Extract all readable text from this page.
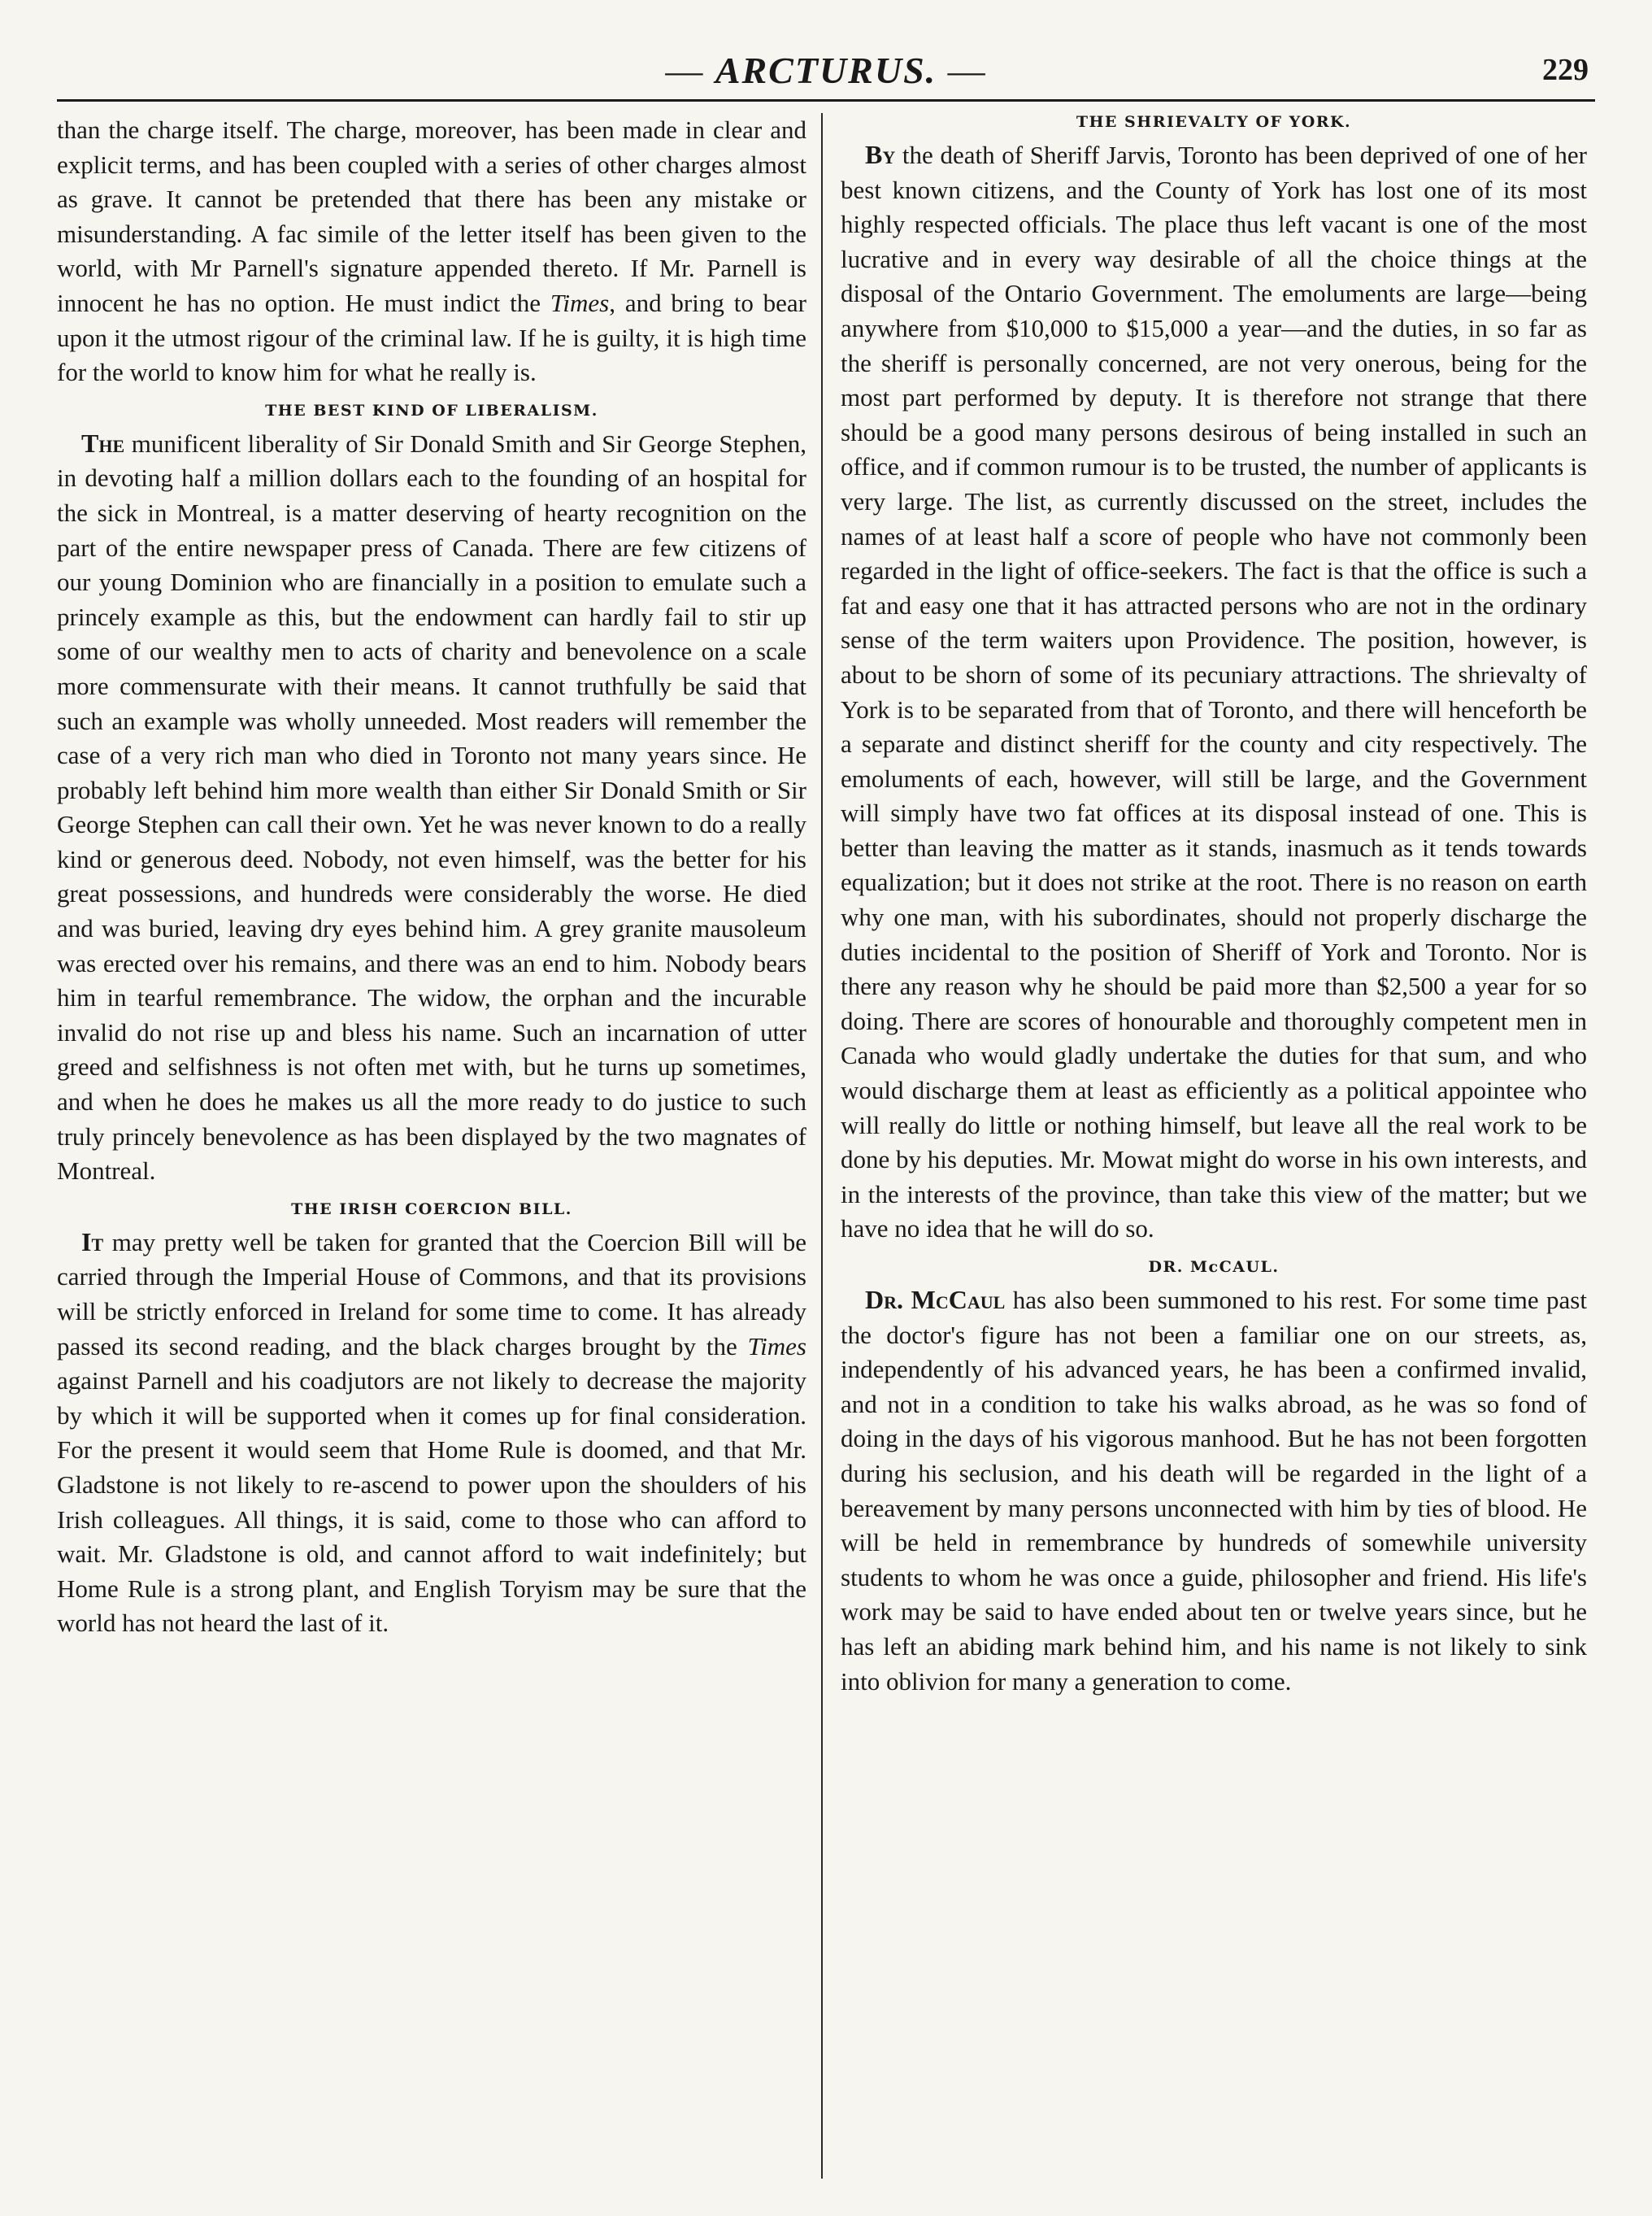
— ARCTURUS. —	229

than the charge itself. The charge, moreover, has been made in clear and explicit terms, and has been coupled with a series of other charges almost as grave. It cannot be pretended that there has been any mistake or misunderstanding. A fac simile of the letter itself has been given to the world, with Mr Parnell's signature appended thereto. If Mr. Parnell is innocent he has no option. He must indict the Times, and bring to bear upon it the utmost rigour of the criminal law. If he is guilty, it is high time for the world to know him for what he really is.

THE BEST KIND OF LIBERALISM.

The munificent liberality of Sir Donald Smith and Sir George Stephen, in devoting half a million dollars each to the founding of an hospital for the sick in Montreal, is a matter deserving of hearty recognition on the part of the entire newspaper press of Canada. There are few citizens of our young Dominion who are financially in a position to emulate such a princely example as this, but the endowment can hardly fail to stir up some of our wealthy men to acts of charity and benevolence on a scale more commensurate with their means. It cannot truthfully be said that such an example was wholly unneeded. Most readers will remember the case of a very rich man who died in Toronto not many years since. He probably left behind him more wealth than either Sir Donald Smith or Sir George Stephen can call their own. Yet he was never known to do a really kind or generous deed. Nobody, not even himself, was the better for his great possessions, and hundreds were considerably the worse. He died and was buried, leaving dry eyes behind him. A grey granite mausoleum was erected over his remains, and there was an end to him. Nobody bears him in tearful remembrance. The widow, the orphan and the incurable invalid do not rise up and bless his name. Such an incarnation of utter greed and selfishness is not often met with, but he turns up sometimes, and when he does he makes us all the more ready to do justice to such truly princely benevolence as has been displayed by the two magnates of Montreal.

THE IRISH COERCION BILL.

It may pretty well be taken for granted that the Coercion Bill will be carried through the Imperial House of Commons, and that its provisions will be strictly enforced in Ireland for some time to come. It has already passed its second reading, and the black charges brought by the Times against Parnell and his coadjutors are not likely to decrease the majority by which it will be supported when it comes up for final consideration. For the present it would seem that Home Rule is doomed, and that Mr. Gladstone is not likely to re-ascend to power upon the shoulders of his Irish colleagues. All things, it is said, come to those who can afford to wait. Mr. Gladstone is old, and cannot afford to wait indefinitely; but Home Rule is a strong plant, and English Toryism may be sure that the world has not heard the last of it.

THE SHRIEVALTY OF YORK.

By the death of Sheriff Jarvis, Toronto has been deprived of one of her best known citizens, and the County of York has lost one of its most highly respected officials. The place thus left vacant is one of the most lucrative and in every way desirable of all the choice things at the disposal of the Ontario Government. The emoluments are large—being anywhere from $10,000 to $15,000 a year—and the duties, in so far as the sheriff is personally concerned, are not very onerous, being for the most part performed by deputy. It is therefore not strange that there should be a good many persons desirous of being installed in such an office, and if common rumour is to be trusted, the number of applicants is very large. The list, as currently discussed on the street, includes the names of at least half a score of people who have not commonly been regarded in the light of office-seekers. The fact is that the office is such a fat and easy one that it has attracted persons who are not in the ordinary sense of the term waiters upon Providence. The position, however, is about to be shorn of some of its pecuniary attractions. The shrievalty of York is to be separated from that of Toronto, and there will henceforth be a separate and distinct sheriff for the county and city respectively. The emoluments of each, however, will still be large, and the Government will simply have two fat offices at its disposal instead of one. This is better than leaving the matter as it stands, inasmuch as it tends towards equalization; but it does not strike at the root. There is no reason on earth why one man, with his subordinates, should not properly discharge the duties incidental to the position of Sheriff of York and Toronto. Nor is there any reason why he should be paid more than $2,500 a year for so doing. There are scores of honourable and thoroughly competent men in Canada who would gladly undertake the duties for that sum, and who would discharge them at least as efficiently as a political appointee who will really do little or nothing himself, but leave all the real work to be done by his deputies. Mr. Mowat might do worse in his own interests, and in the interests of the province, than take this view of the matter; but we have no idea that he will do so.

DR. McCAUL.

Dr. McCaul has also been summoned to his rest. For some time past the doctor's figure has not been a familiar one on our streets, as, independently of his advanced years, he has been a confirmed invalid, and not in a condition to take his walks abroad, as he was so fond of doing in the days of his vigorous manhood. But he has not been forgotten during his seclusion, and his death will be regarded in the light of a bereavement by many persons unconnected with him by ties of blood. He will be held in remembrance by hundreds of somewhile university students to whom he was once a guide, philosopher and friend. His life's work may be said to have ended about ten or twelve years since, but he has left an abiding mark behind him, and his name is not likely to sink into oblivion for many a generation to come.
